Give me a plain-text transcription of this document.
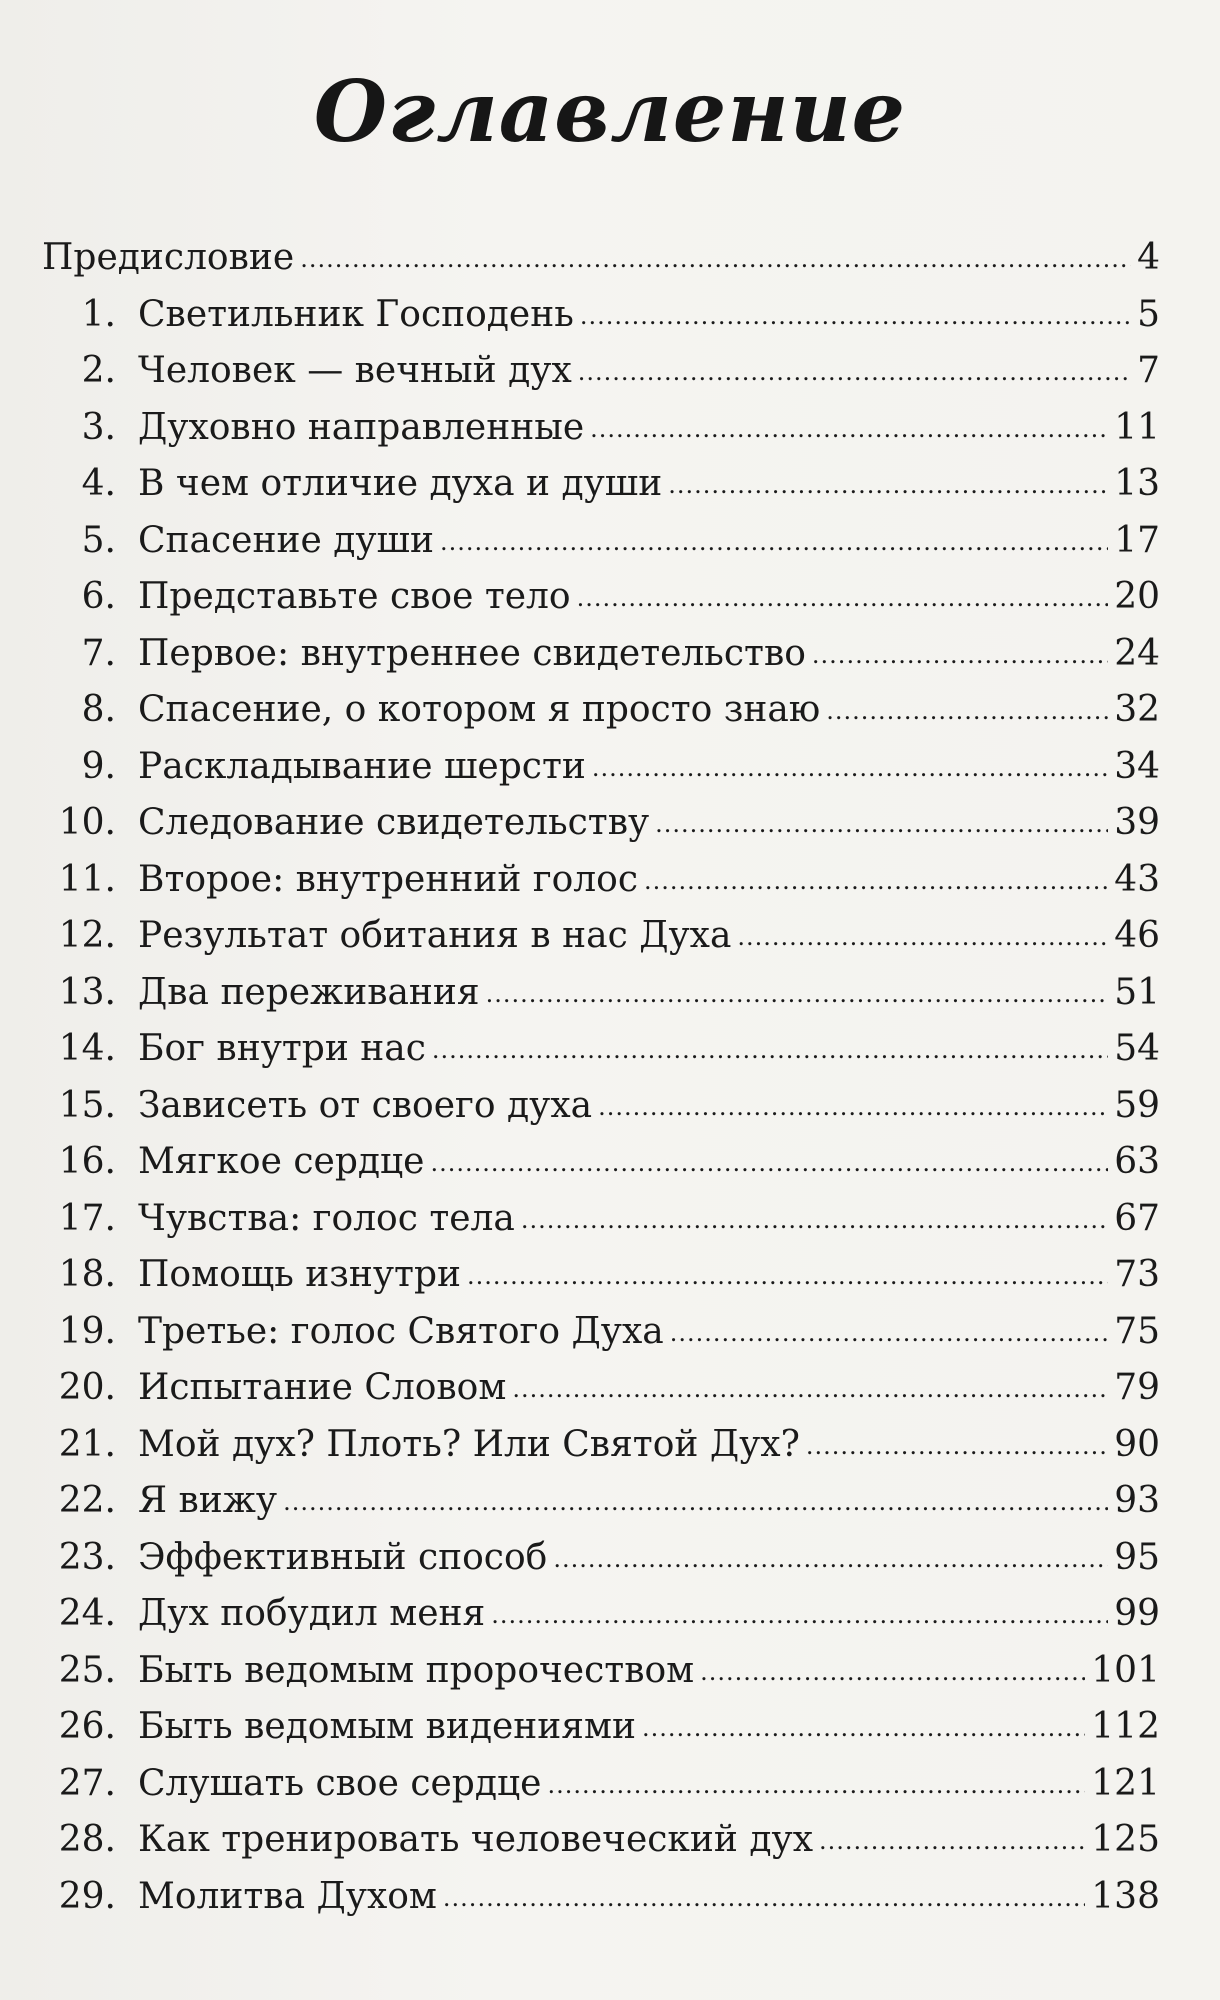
Оглавление
Предисловие .....	4
1. Светильник Господень .....	5
2. Человек — вечный дух .....	7
3. Духовно направленные .....	11
4. В чем отличие духа и души .....	13
5. Спасение души .....	17
6. Представьте свое тело .....	20
7. Первое: внутреннее свидетельство .....	24
8. Спасение, о котором я просто знаю .....	32
9. Раскладывание шерсти .....	34
10. Следование свидетельству .....	39
11. Второе: внутренний голос .....	43
12. Результат обитания в нас Духа .....	46
13. Два переживания .....	51
14. Бог внутри нас .....	54
15. Зависеть от своего духа .....	59
16. Мягкое сердце .....	63
17. Чувства: голос тела .....	67
18. Помощь изнутри .....	73
19. Третье: голос Святого Духа .....	75
20. Испытание Словом .....	79
21. Мой дух? Плоть? Или Святой Дух? .....	90
22. Я вижу .....	93
23. Эффективный способ .....	95
24. Дух побудил меня .....	99
25. Быть ведомым пророчеством .....	101
26. Быть ведомым видениями .....	112
27. Слушать свое сердце .....	121
28. Как тренировать человеческий дух .....	125
29. Молитва Духом .....	138
